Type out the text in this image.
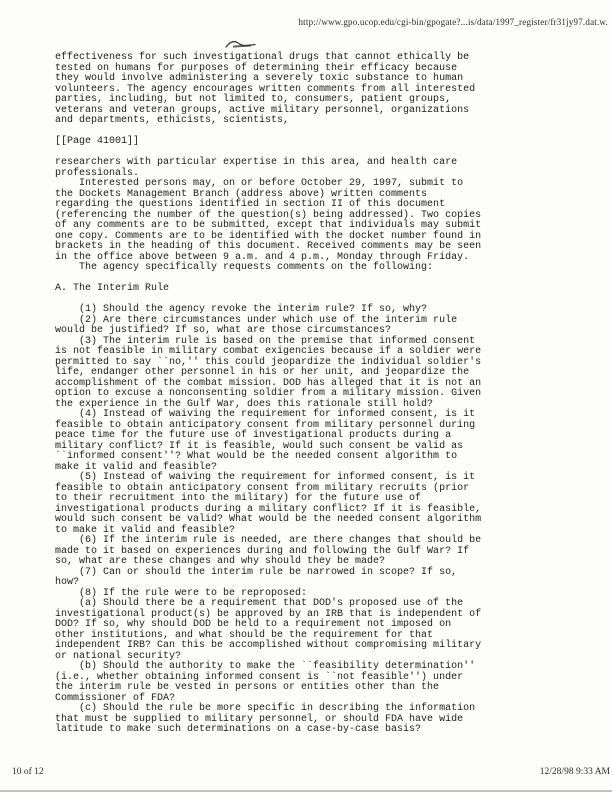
http://www.gpo.ucop.edu/cgi-bin/gpogate?...is/data/1997_register/fr31jy97.dat.w.
effectiveness for such investigational drugs that cannot ethically be
tested on humans for purposes of determining their efficacy because
they would involve administering a severely toxic substance to human
volunteers. The agency encourages written comments from all interested
parties, including, but not limited to, consumers, patient groups,
veterans and veteran groups, active military personnel, organizations
and departments, ethicists, scientists,

[[Page 41001]]

researchers with particular expertise in this area, and health care
professionals.
Interested persons may, on or before October 29, 1997, submit to
the Dockets Management Branch (address above) written comments
regarding the questions identified in section II of this document
(referencing the number of the question(s) being addressed). Two copies
of any comments are to be submitted, except that individuals may submit
one copy. Comments are to be identified with the docket number found in
brackets in the heading of this document. Received comments may be seen
in the office above between 9 a.m. and 4 p.m., Monday through Friday.
The agency specifically requests comments on the following:

A. The Interim Rule

(1) Should the agency revoke the interim rule? If so, why?
(2) Are there circumstances under which use of the interim rule
would be justified? If so, what are those circumstances?
(3) The interim rule is based on the premise that informed consent
is not feasible in military combat exigencies because if a soldier were
permitted to say ``no,'' this could jeopardize the individual soldier's
life, endanger other personnel in his or her unit, and jeopardize the
accomplishment of the combat mission. DOD has alleged that it is not an
option to excuse a nonconsenting soldier from a military mission. Given
the experience in the Gulf War, does this rationale still hold?
(4) Instead of waiving the requirement for informed consent, is it
feasible to obtain anticipatory consent from military personnel during
peace time for the future use of investigational products during a
military conflict? If it is feasible, would such consent be valid as
``informed consent''? What would be the needed consent algorithm to
make it valid and feasible?
(5) Instead of waiving the requirement for informed consent, is it
feasible to obtain anticipatory consent from military recruits (prior
to their recruitment into the military) for the future use of
investigational products during a military conflict? If it is feasible,
would such consent be valid? What would be the needed consent algorithm
to make it valid and feasible?
(6) If the interim rule is needed, are there changes that should be
made to it based on experiences during and following the Gulf War? If
so, what are these changes and why should they be made?
(7) Can or should the interim rule be narrowed in scope? If so,
how?
(8) If the rule were to be reproposed:
(a) Should there be a requirement that DOD's proposed use of the
investigational product(s) be approved by an IRB that is independent of
DOD? If so, why should DOD be held to a requirement not imposed on
other institutions, and what should be the requirement for that
independent IRB? Can this be accomplished without compromising military
or national security?
(b) Should the authority to make the ``feasibility determination''
(i.e., whether obtaining informed consent is ``not feasible'') under
the interim rule be vested in persons or entities other than the
Commissioner of FDA?
(c) Should the rule be more specific in describing the information
that must be supplied to military personnel, or should FDA have wide
latitude to make such determinations on a case-by-case basis?
10 of 12	12/28/98 9:33 AM
